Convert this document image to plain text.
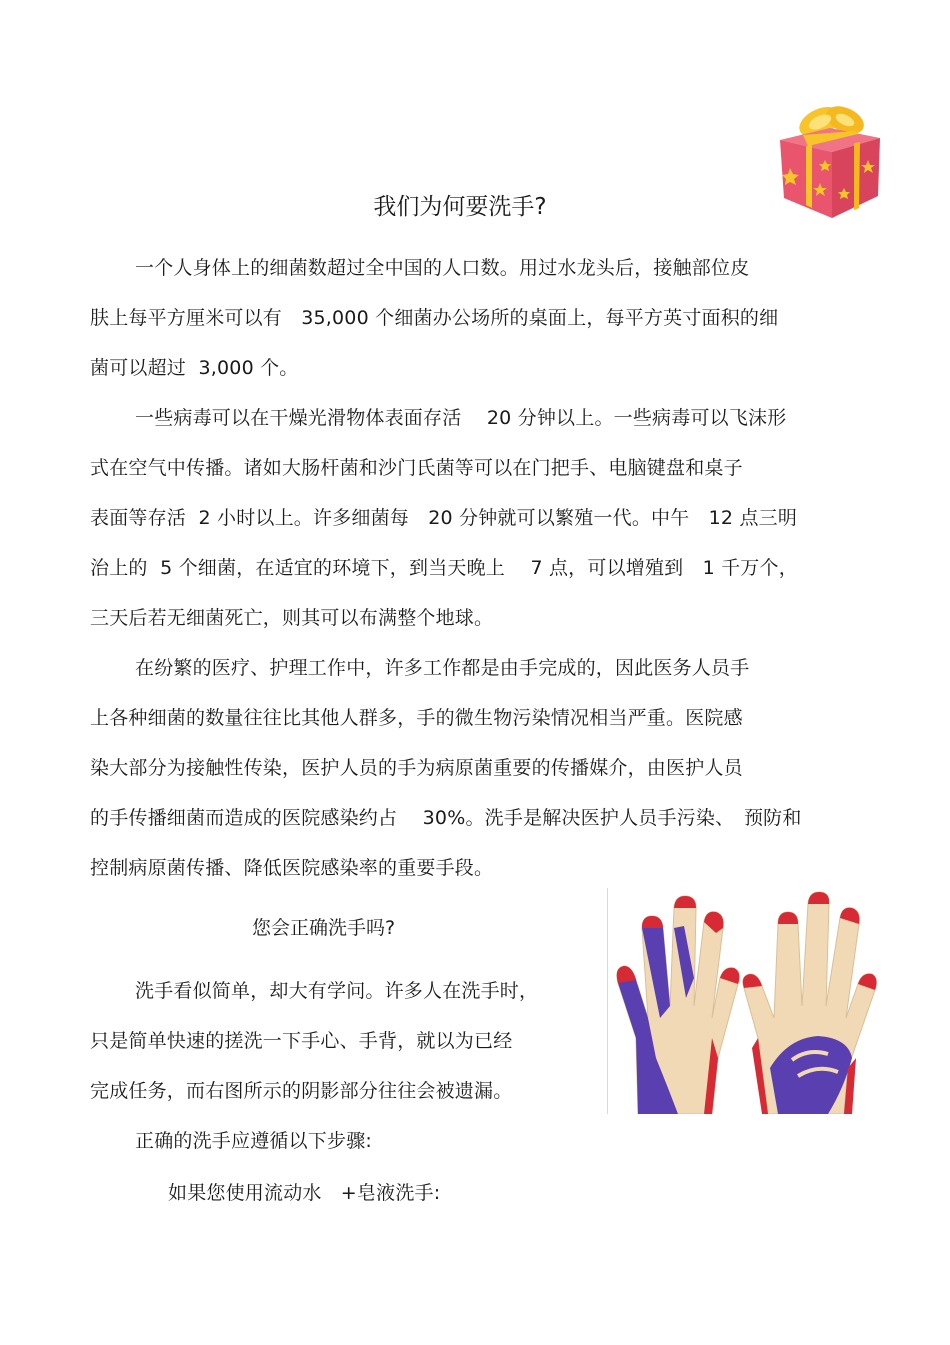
我们为何要洗手?
一个人身体上的细菌数超过全中国的人口数。用过水龙头后，接触部位皮
肤上每平方厘米可以有　35,000 个细菌办公场所的桌面上，每平方英寸面积的细
菌可以超过  3,000 个。
一些病毒可以在干燥光滑物体表面存活　 20 分钟以上。一些病毒可以飞沫形
式在空气中传播。诸如大肠杆菌和沙门氏菌等可以在门把手、电脑键盘和桌子
表面等存活  2 小时以上。许多细菌每　20 分钟就可以繁殖一代。中午　12 点三明
治上的  5 个细菌，在适宜的环境下，到当天晚上　 7 点，可以增殖到　1 千万个，
三天后若无细菌死亡，则其可以布满整个地球。
在纷繁的医疗、护理工作中，许多工作都是由手完成的，因此医务人员手
上各种细菌的数量往往比其他人群多，手的微生物污染情况相当严重。医院感
染大部分为接触性传染，医护人员的手为病原菌重要的传播媒介，由医护人员
的手传播细菌而造成的医院感染约占　 30%。洗手是解决医护人员手污染、　预防和
控制病原菌传播、降低医院感染率的重要手段。
您会正确洗手吗?
洗手看似简单，却大有学问。许多人在洗手时，
只是简单快速的搓洗一下手心、手背，就以为已经
完成任务，而右图所示的阴影部分往往会被遗漏。
正确的洗手应遵循以下步骤:
如果您使用流动水　+皂液洗手:
